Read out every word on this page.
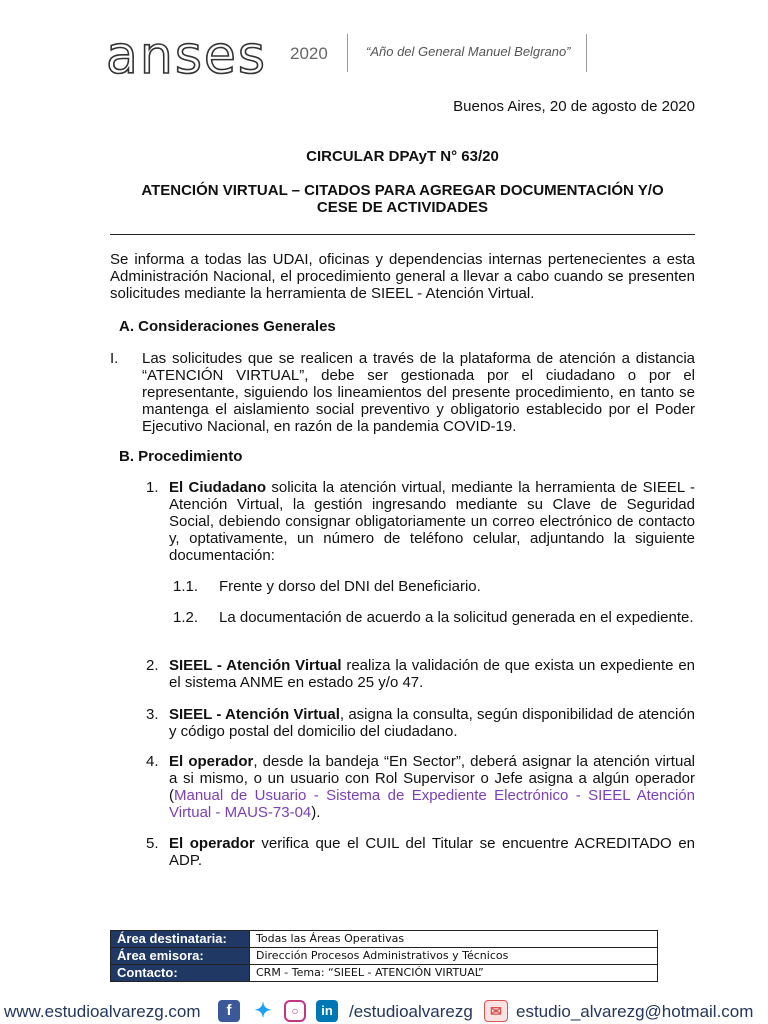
anses 2020	“Año del General Manuel Belgrano”
Buenos Aires, 20 de agosto de 2020
CIRCULAR DPAyT N° 63/20
ATENCIÓN VIRTUAL – CITADOS PARA AGREGAR DOCUMENTACIÓN Y/O
CESE DE ACTIVIDADES
Se informa a todas las UDAI, oficinas y dependencias internas pertenecientes a esta Administración Nacional, el procedimiento general a llevar a cabo cuando se presenten solicitudes mediante la herramienta de SIEEL - Atención Virtual.
A. Consideraciones Generales
I. Las solicitudes que se realicen a través de la plataforma de atención a distancia “ATENCIÓN VIRTUAL”, debe ser gestionada por el ciudadano o por el representante, siguiendo los lineamientos del presente procedimiento, en tanto se mantenga el aislamiento social preventivo y obligatorio establecido por el Poder Ejecutivo Nacional, en razón de la pandemia COVID-19.
B. Procedimiento
1. El Ciudadano solicita la atención virtual, mediante la herramienta de SIEEL - Atención Virtual, la gestión ingresando mediante su Clave de Seguridad Social, debiendo consignar obligatoriamente un correo electrónico de contacto y, optativamente, un número de teléfono celular, adjuntando la siguiente documentación:
1.1. Frente y dorso del DNI del Beneficiario.
1.2. La documentación de acuerdo a la solicitud generada en el expediente.
2. SIEEL - Atención Virtual realiza la validación de que exista un expediente en el sistema ANME en estado 25 y/o 47.
3. SIEEL - Atención Virtual, asigna la consulta, según disponibilidad de atención y código postal del domicilio del ciudadano.
4. El operador, desde la bandeja “En Sector”, deberá asignar la atención virtual a si mismo, o un usuario con Rol Supervisor o Jefe asigna a algún operador (Manual de Usuario - Sistema de Expediente Electrónico - SIEEL Atención Virtual - MAUS-73-04).
5. El operador verifica que el CUIL del Titular se encuentre ACREDITADO en ADP.
Área destinataria:	Todas las Áreas Operativas
Área emisora:	Dirección Procesos Administrativos y Técnicos
Contacto:	CRM - Tema: “SIEEL - ATENCIÓN VIRTUAL”
www.estudioalvarezg.com	f	✦	○	in /estudioalvarezg	✉ estudio_alvarezg@hotmail.com
